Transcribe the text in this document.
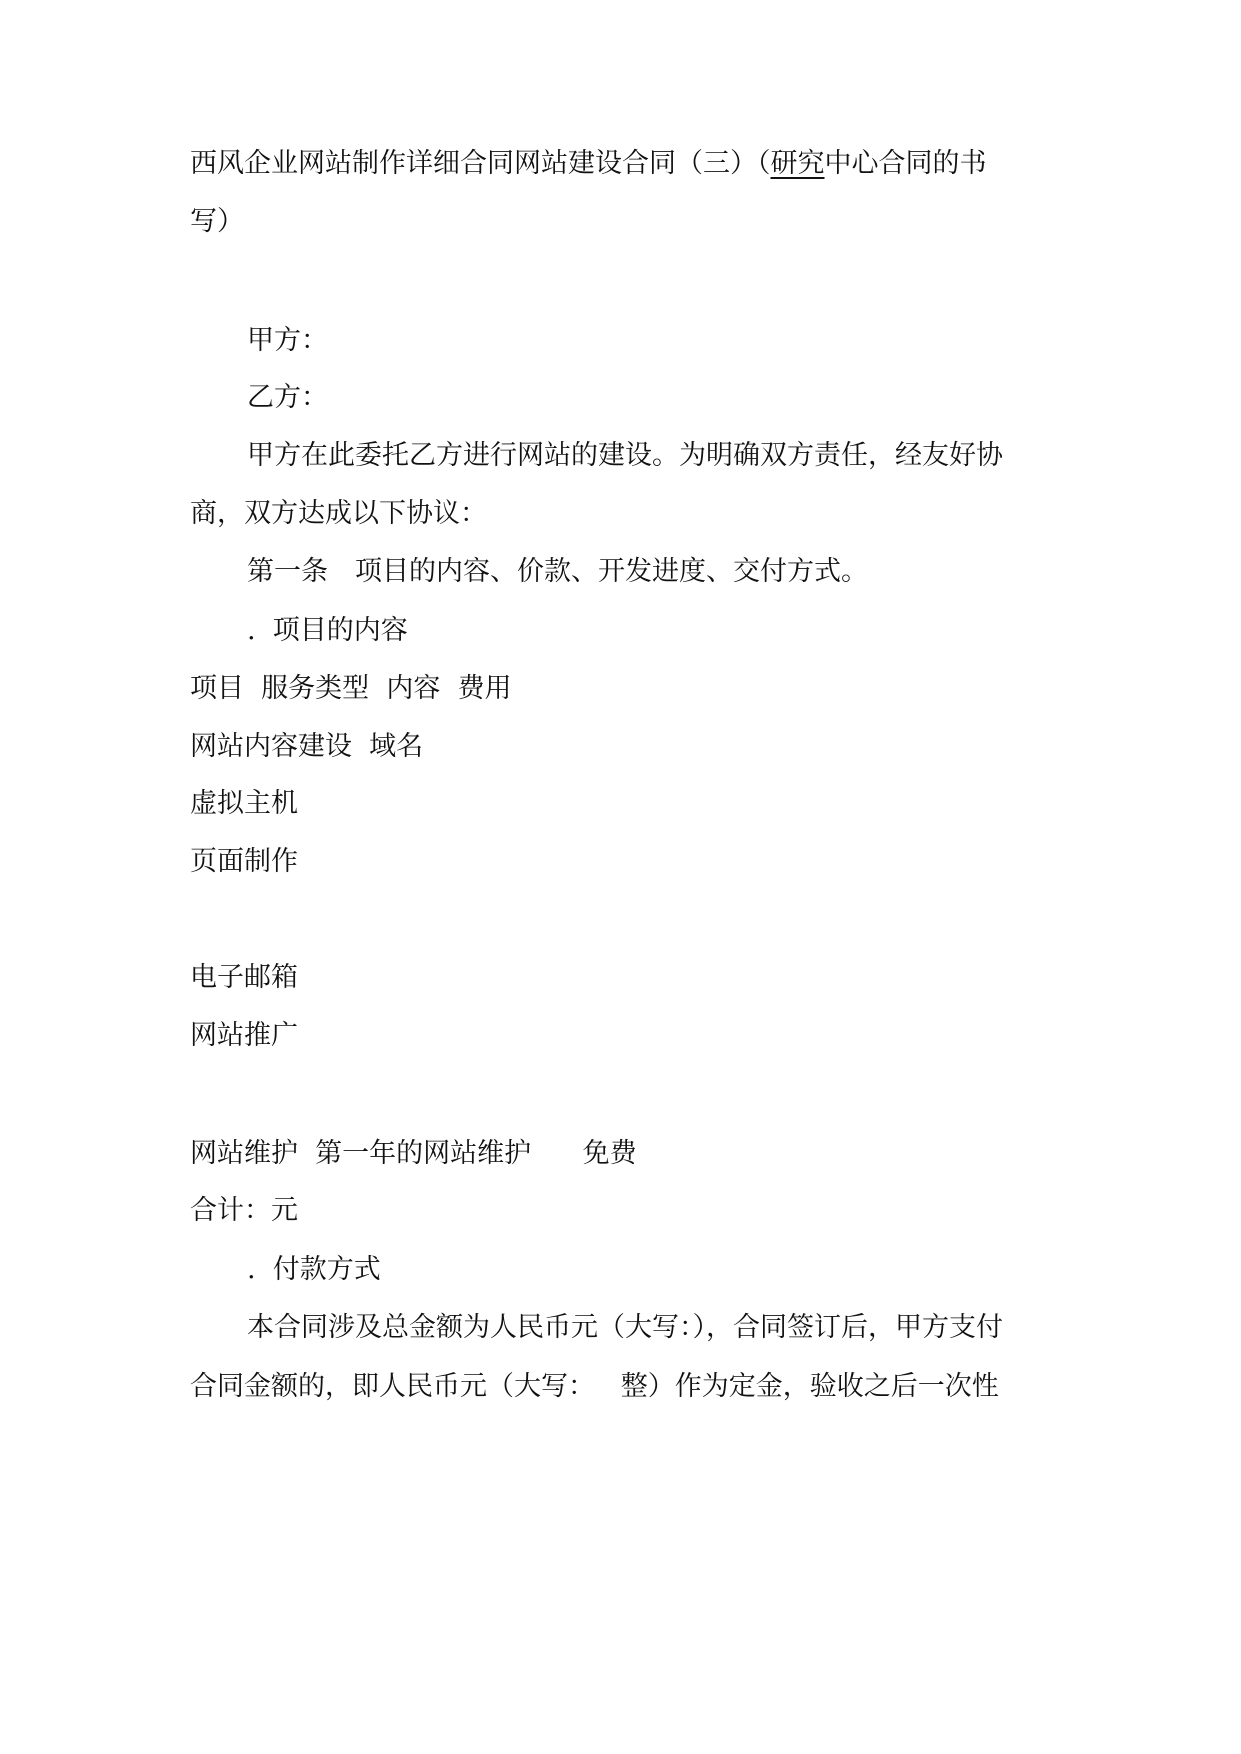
西风企业网站制作详细合同网站建设合同（三）（研究中心合同的书
写）
甲方：
乙方：
甲方在此委托乙方进行网站的建设。为明确双方责任，经友好协
商，双方达成以下协议：
第一条　项目的内容、价款、开发进度、交付方式。
.  项目的内容
项目  服务类型  内容  费用
网站内容建设  域名
虚拟主机
页面制作
电子邮箱
网站推广
网站维护  第一年的网站维护      免费
合计：元
.  付款方式
本合同涉及总金额为人民币元（大写：），合同签订后，甲方支付
合同金额的，即人民币元（大写：   整）作为定金，验收之后一次性
